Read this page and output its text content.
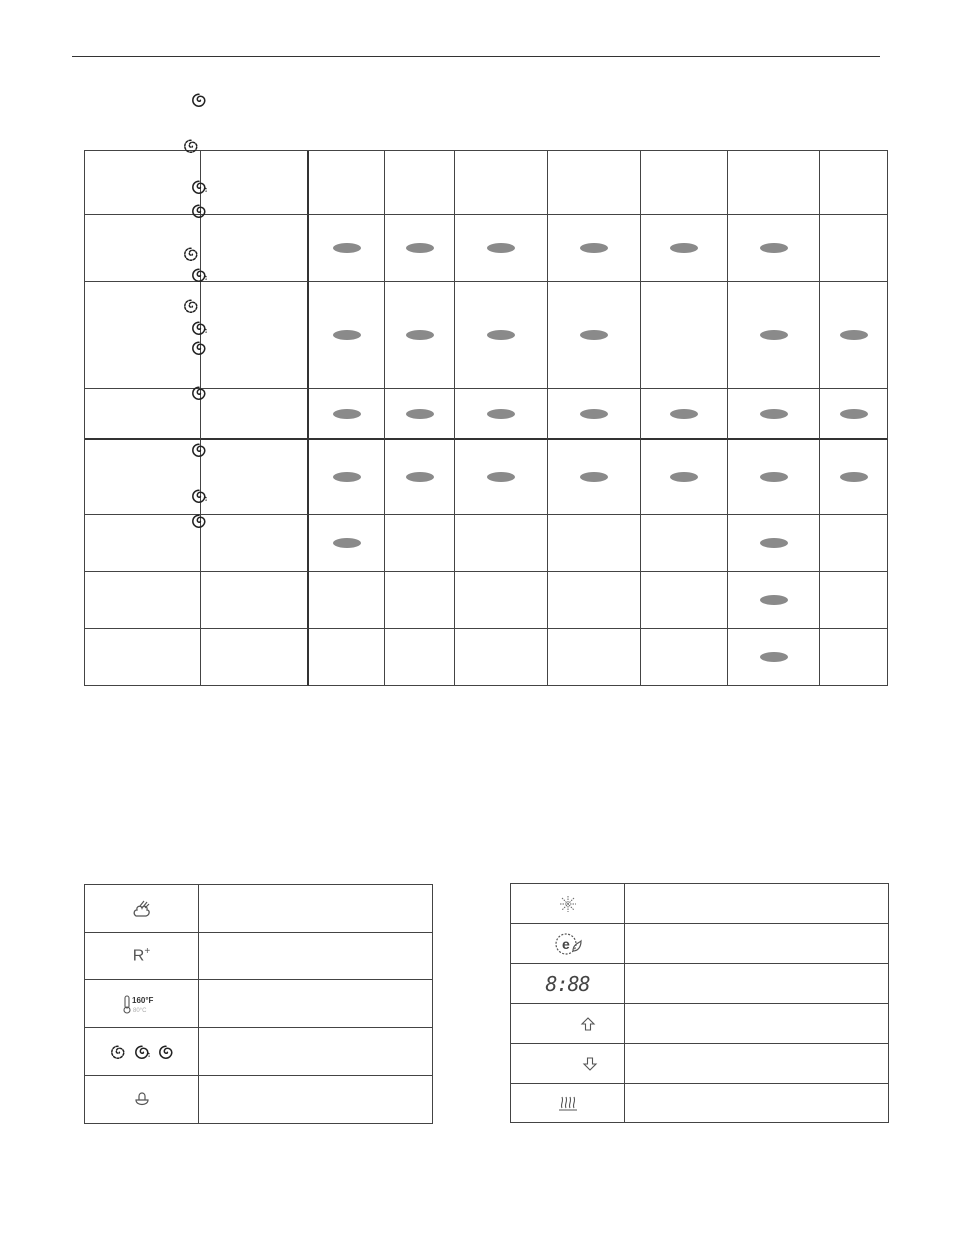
R+
160°F
80°C
e
8:88
